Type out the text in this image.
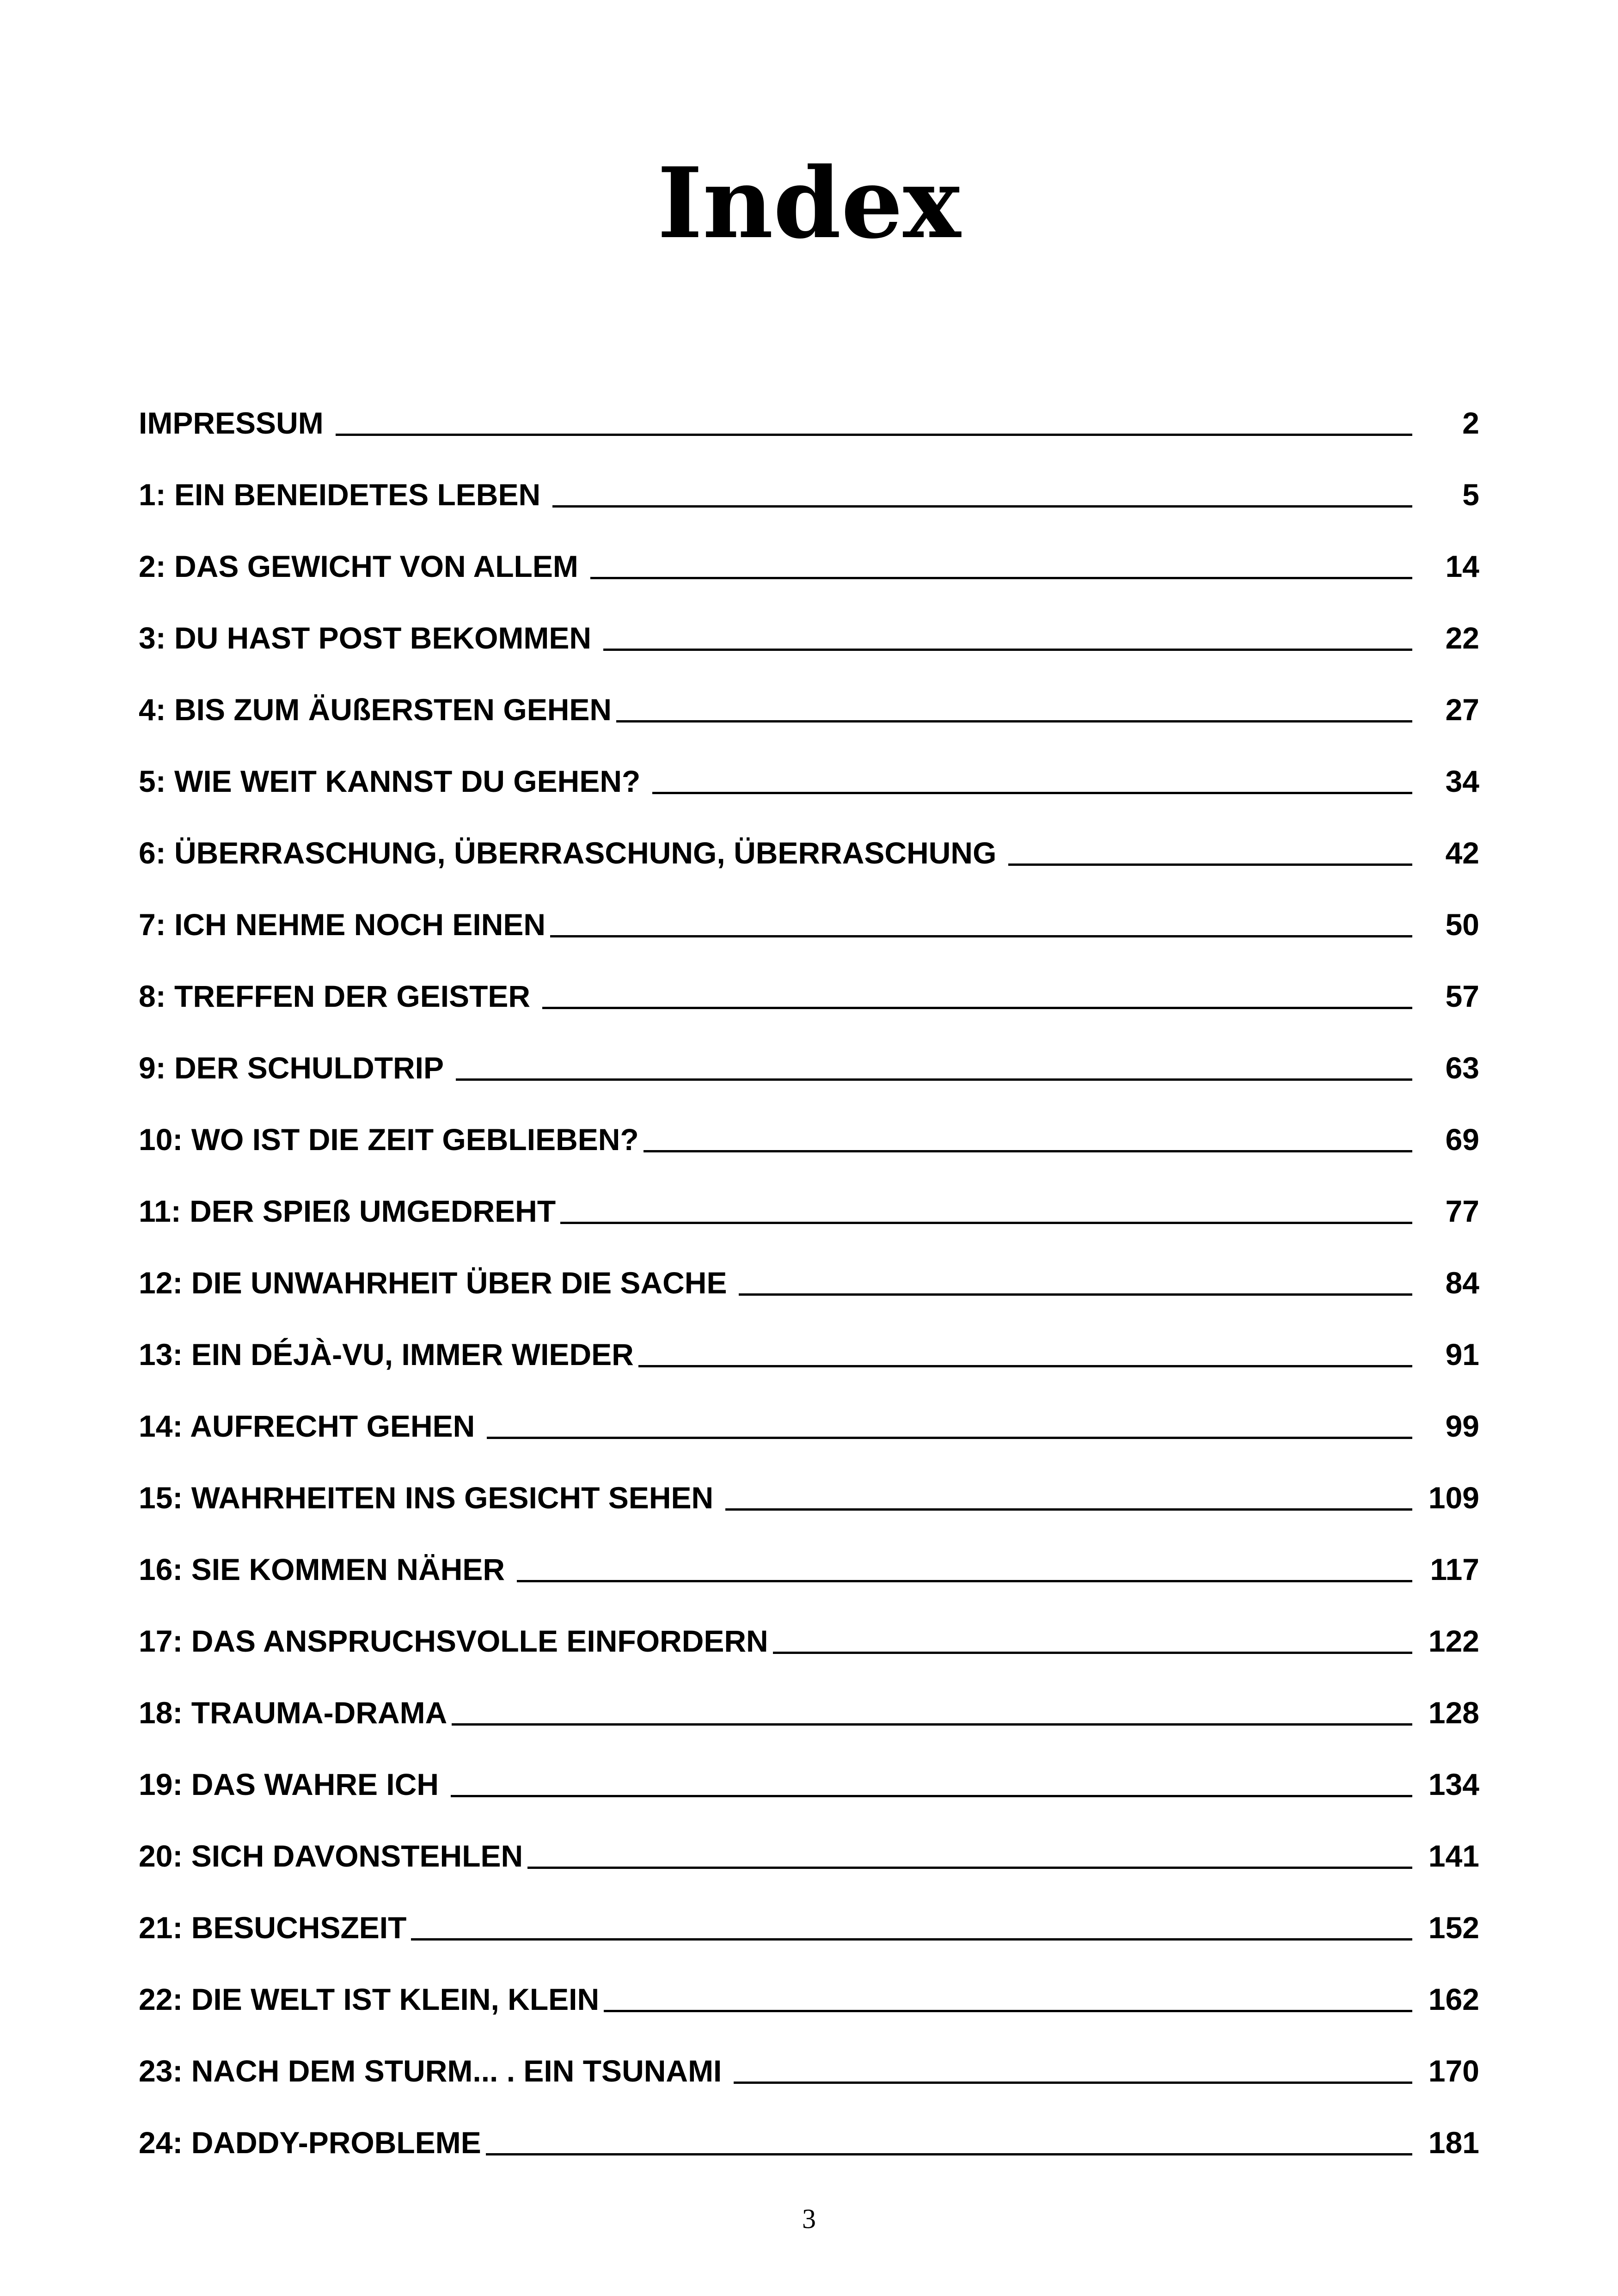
Index
IMPRESSUM	2
1: EIN BENEIDETES LEBEN	5
2: DAS GEWICHT VON ALLEM	14
3: DU HAST POST BEKOMMEN	22
4: BIS ZUM ÄUßERSTEN GEHEN	27
5: WIE WEIT KANNST DU GEHEN?	34
6: ÜBERRASCHUNG, ÜBERRASCHUNG, ÜBERRASCHUNG	42
7: ICH NEHME NOCH EINEN	50
8: TREFFEN DER GEISTER	57
9: DER SCHULDTRIP	63
10: WO IST DIE ZEIT GEBLIEBEN?	69
11: DER SPIEß UMGEDREHT	77
12: DIE UNWAHRHEIT ÜBER DIE SACHE	84
13: EIN DÉJÀ-VU, IMMER WIEDER	91
14: AUFRECHT GEHEN	99
15: WAHRHEITEN INS GESICHT SEHEN	109
16: SIE KOMMEN NÄHER	117
17: DAS ANSPRUCHSVOLLE EINFORDERN	122
18: TRAUMA-DRAMA	128
19: DAS WAHRE ICH	134
20: SICH DAVONSTEHLEN	141
21: BESUCHSZEIT	152
22: DIE WELT IST KLEIN, KLEIN	162
23: NACH DEM STURM... . EIN TSUNAMI	170
24: DADDY-PROBLEME	181
3
